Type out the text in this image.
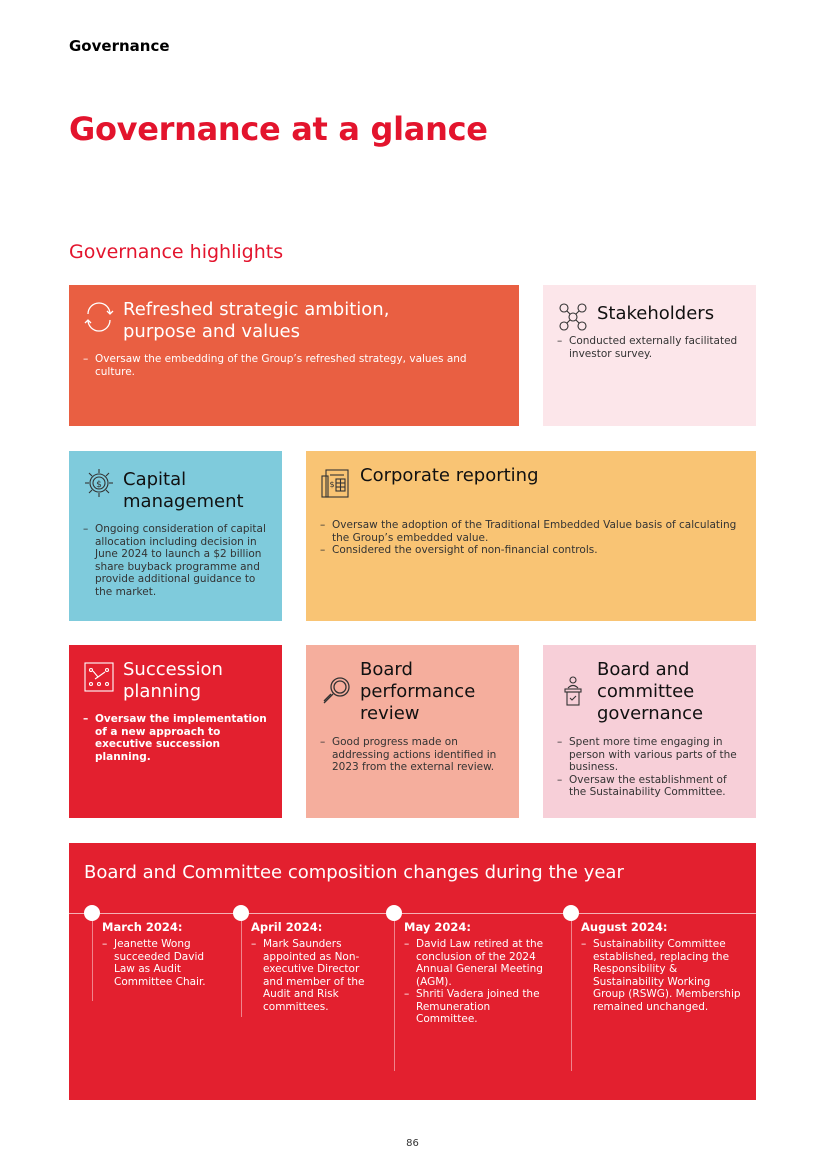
Governance
Governance at a glance
Governance highlights
Refreshed strategic ambition, purpose and values
– Oversaw the embedding of the Group’s refreshed strategy, values and culture.
Stakeholders
– Conducted externally facilitated investor survey.
$ Capital management
– Ongoing consideration of capital allocation including decision in June 2024 to launch a $2 billion share buyback programme and provide additional guidance to the market.
$ Corporate reporting
– Oversaw the adoption of the Traditional Embedded Value basis of calculating the Group’s embedded value.
– Considered the oversight of non-financial controls.
Succession planning
– Oversaw the implementation of a new approach to executive succession planning.
Board performance review
– Good progress made on addressing actions identified in 2023 from the external review.
Board and committee governance
– Spent more time engaging in person with various parts of the business.
– Oversaw the establishment of the Sustainability Committee.
Board and Committee composition changes during the year
March 2024:
– Jeanette Wong succeeded David Law as Audit Committee Chair.
April 2024:
– Mark Saunders appointed as Non-executive Director and member of the Audit and Risk committees.
May 2024:
– David Law retired at the conclusion of the 2024 Annual General Meeting (AGM).
– Shriti Vadera joined the Remuneration Committee.
August 2024:
– Sustainability Committee established, replacing the Responsibility & Sustainability Working Group (RSWG). Membership remained unchanged.
86
